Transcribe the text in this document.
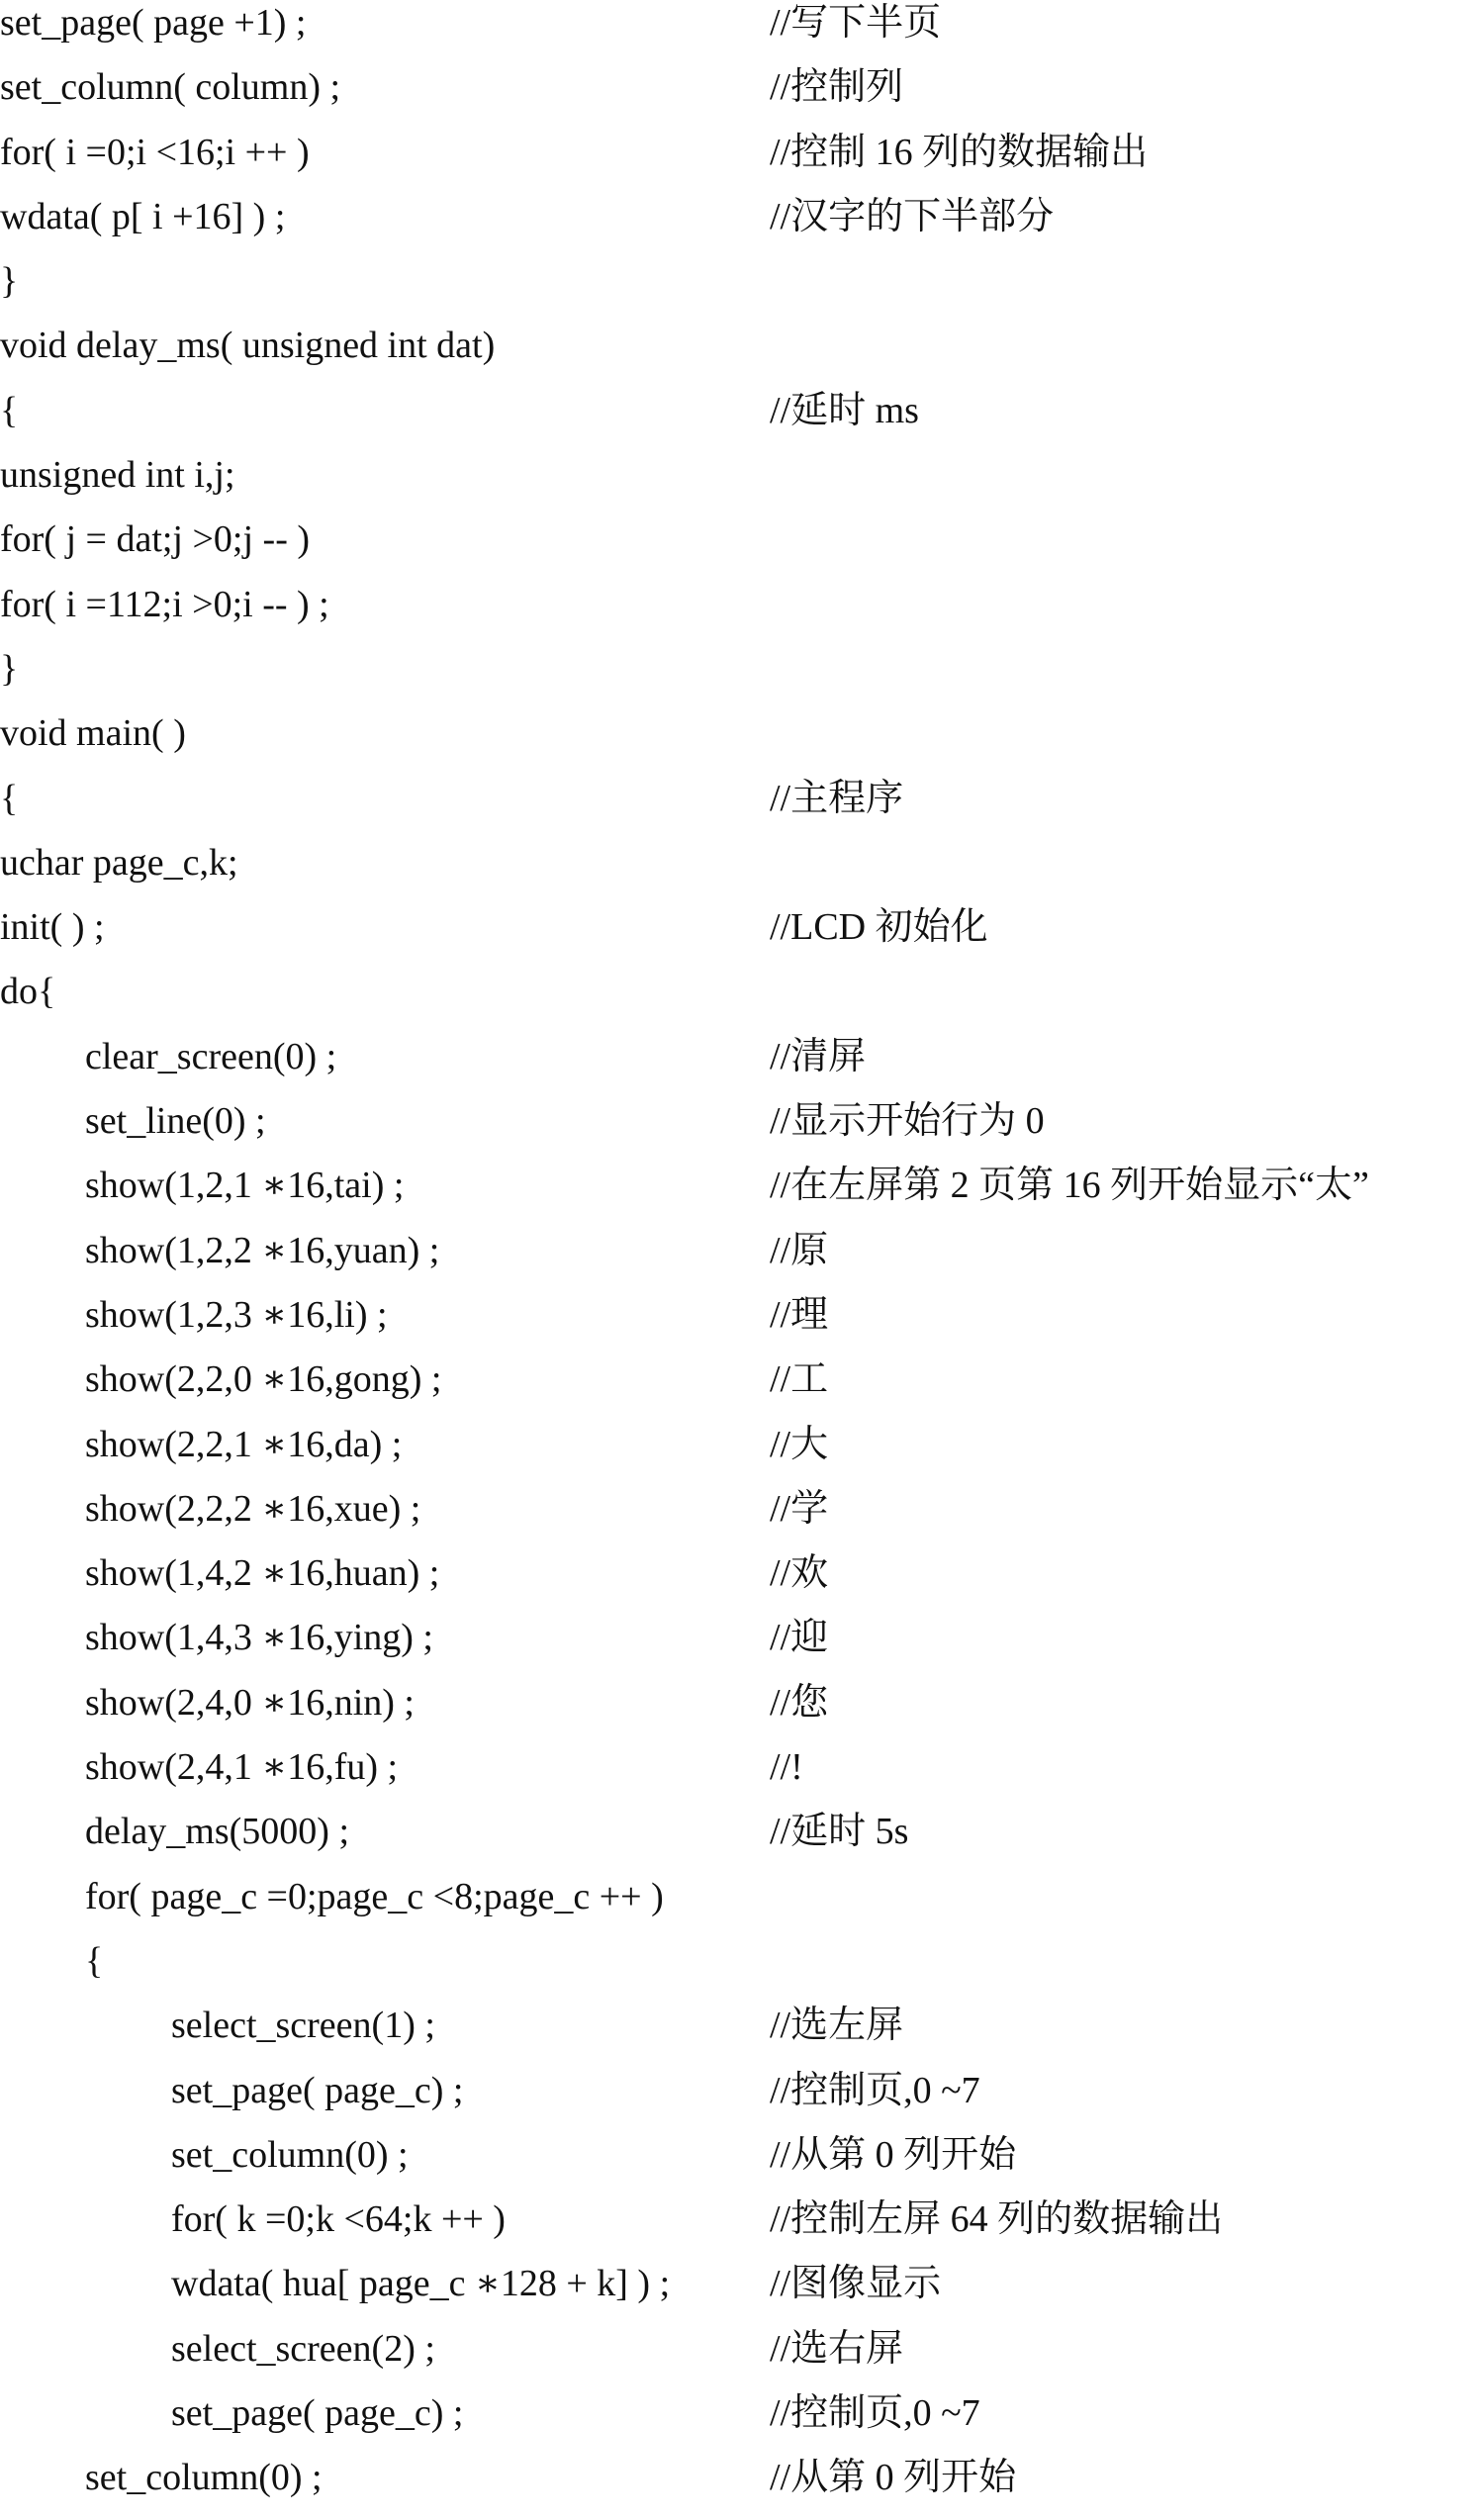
set_page( page +1) ;	//写下半页
set_column( column) ;	//控制列
for( i =0;i <16;i ++ )	//控制 16 列的数据输出
wdata( p[ i +16] ) ;	//汉字的下半部分
}
void delay_ms( unsigned int dat)
{	//延时 ms
unsigned int i,j;
for( j = dat;j >0;j -- )
for( i =112;i >0;i -- ) ;
}
void main( )
{	//主程序
uchar page_c,k;
init( ) ;	//LCD 初始化
do{
clear_screen(0) ;	//清屏
set_line(0) ;	//显示开始行为 0
show(1,2,1 ∗16,tai) ;	//在左屏第 2 页第 16 列开始显示“太”
show(1,2,2 ∗16,yuan) ;	//原
show(1,2,3 ∗16,li) ;	//理
show(2,2,0 ∗16,gong) ;	//工
show(2,2,1 ∗16,da) ;	//大
show(2,2,2 ∗16,xue) ;	//学
show(1,4,2 ∗16,huan) ;	//欢
show(1,4,3 ∗16,ying) ;	//迎
show(2,4,0 ∗16,nin) ;	//您
show(2,4,1 ∗16,fu) ;	//!
delay_ms(5000) ;	//延时 5s
for( page_c =0;page_c <8;page_c ++ )
{
select_screen(1) ;	//选左屏
set_page( page_c) ;	//控制页,0 ~7
set_column(0) ;	//从第 0 列开始
for( k =0;k <64;k ++ )	//控制左屏 64 列的数据输出
wdata( hua[ page_c ∗128 + k] ) ;	//图像显示
select_screen(2) ;	//选右屏
set_page( page_c) ;	//控制页,0 ~7
set_column(0) ;	//从第 0 列开始
